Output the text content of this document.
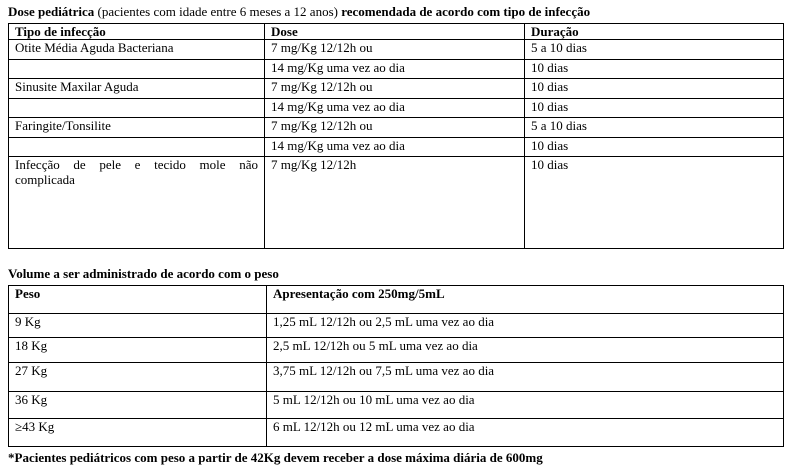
Dose pediátrica (pacientes com idade entre 6 meses a 12 anos) recomendada de acordo com tipo de infecção
Tipo de infecção	Dose	Duração
Otite Média Aguda Bacteriana	7 mg/Kg 12/12h ou	5 a 10 dias
	14 mg/Kg uma vez ao dia	10 dias
Sinusite Maxilar Aguda	7 mg/Kg 12/12h ou	10 dias
	14 mg/Kg uma vez ao dia	10 dias
Faringite/Tonsilite	7 mg/Kg 12/12h ou	5 a 10 dias
	14 mg/Kg uma vez ao dia	10 dias
Infecção de pele e tecido mole não complicada	7 mg/Kg 12/12h	10 dias
Volume a ser administrado de acordo com o peso
Peso	Apresentação com 250mg/5mL
9 Kg	1,25 mL 12/12h ou 2,5 mL uma vez ao dia
18 Kg	2,5 mL 12/12h ou 5 mL uma vez ao dia
27 Kg	3,75 mL 12/12h ou 7,5 mL uma vez ao dia
36 Kg	5 mL 12/12h ou 10 mL uma vez ao dia
≥43 Kg	6 mL 12/12h ou 12 mL uma vez ao dia
*Pacientes pediátricos com peso a partir de 42Kg devem receber a dose máxima diária de 600mg
